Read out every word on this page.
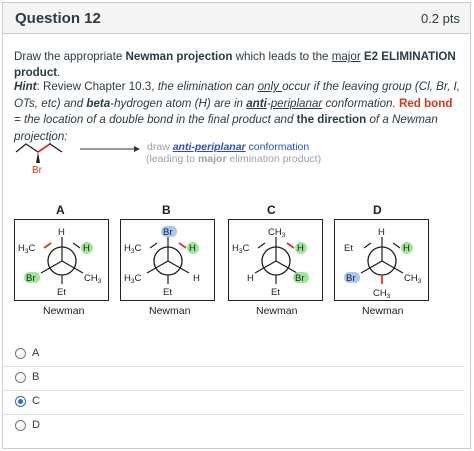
Question 12	0.2 pts
Draw the appropriate Newman projection which leads to the major E2 ELIMINATION product.
Hint: Review Chapter 10.3, the elimination can only occur if the leaving group (Cl, Br, I, OTs, etc) and beta-hydrogen atom (H) are in anti-periplanar conformation. Red bond = the location of a double bond in the final product and the direction of a Newman projection:
Br
→ draw anti-periplanar conformation
(leading to major elimination product)
A
H
$H_3C$	H
Br	$CH_3$
Et
Newman
B
Br
$H_3C$	H
$H_3C$	H
Et
Newman
C
$CH_3$
$H_3C$	H
H	Br
Et
Newman
D
H
Et	H
Br	$CH_3$
$CH_3$
Newman
A
B
C
D
